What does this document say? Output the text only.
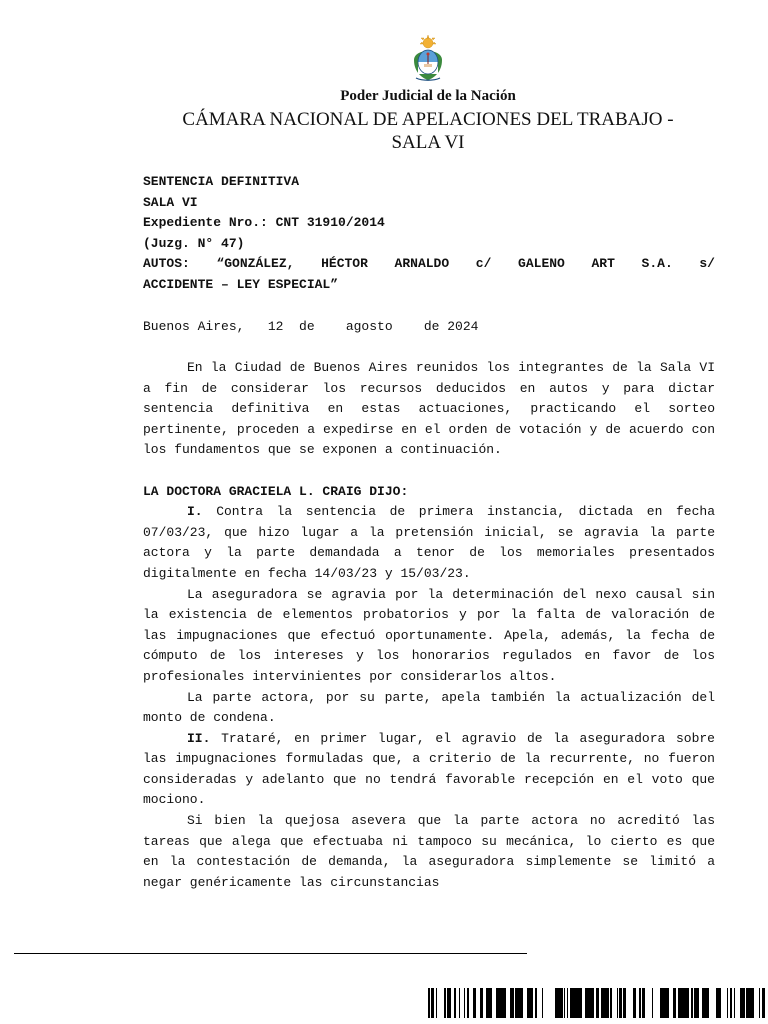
Poder Judicial de la Nación
CÁMARA NACIONAL DE APELACIONES DEL TRABAJO -
SALA VI
SENTENCIA DEFINITIVA
SALA VI
Expediente Nro.: CNT 31910/2014
(Juzg. N° 47)
AUTOS: “GONZÁLEZ, HÉCTOR ARNALDO c/ GALENO ART S.A. s/
ACCIDENTE – LEY ESPECIAL”
Buenos Aires,   12  de    agosto    de 2024

En la Ciudad de Buenos Aires reunidos los integrantes de la Sala VI a fin de considerar los recursos deducidos en autos y para dictar sentencia definitiva en estas actuaciones, practicando el sorteo pertinente, proceden a expedirse en el orden de votación y de acuerdo con los fundamentos que se exponen a continuación.

LA DOCTORA GRACIELA L. CRAIG DIJO:

I. Contra la sentencia de primera instancia, dictada en fecha 07/03/23, que hizo lugar a la pretensión inicial, se agravia la parte actora y la parte demandada a tenor de los memoriales presentados digitalmente en fecha 14/03/23 y 15/03/23.

La aseguradora se agravia por la determinación del nexo causal sin la existencia de elementos probatorios y por la falta de valoración de las impugnaciones que efectuó oportunamente. Apela, además, la fecha de cómputo de los intereses y los honorarios regulados en favor de los profesionales intervinientes por considerarlos altos.

La parte actora, por su parte, apela también la actualización del monto de condena.

II. Trataré, en primer lugar, el agravio de la aseguradora sobre las impugnaciones formuladas que, a criterio de la recurrente, no fueron consideradas y adelanto que no tendrá favorable recepción en el voto que mociono.

Si bien la quejosa asevera que la parte actora no acreditó las tareas que alega que efectuaba ni tampoco su mecánica, lo cierto es que en la contestación de demanda, la aseguradora simplemente se limitó a negar genéricamente las circunstancias
